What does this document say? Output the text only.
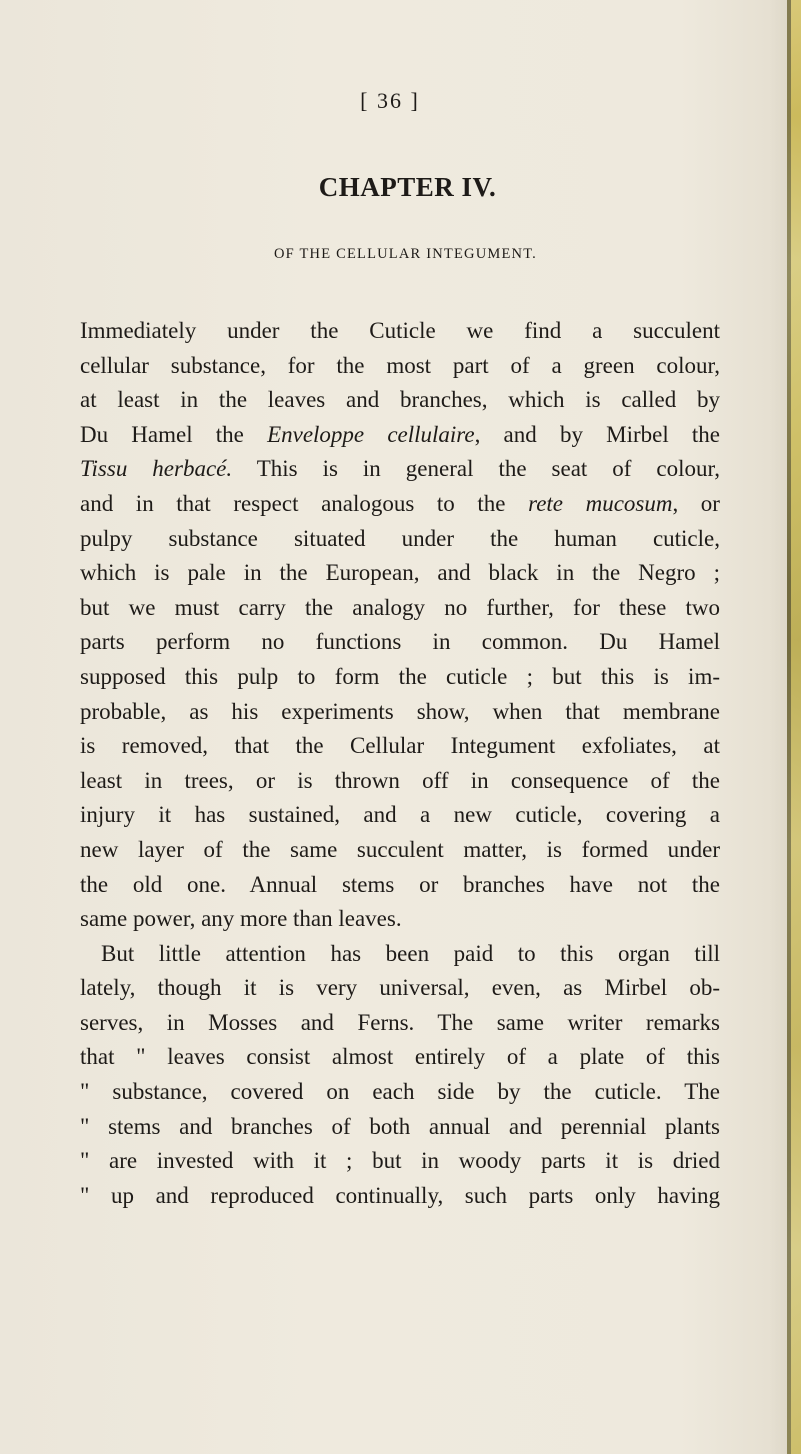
[ 36 ]
CHAPTER IV.
OF THE CELLULAR INTEGUMENT.
Immediately under the Cuticle we find a succulent
cellular substance, for the most part of a green colour,
at least in the leaves and branches, which is called by
Du Hamel the Enveloppe cellulaire, and by Mirbel the
Tissu herbacé. This is in general the seat of colour,
and in that respect analogous to the rete mucosum, or
pulpy substance situated under the human cuticle,
which is pale in the European, and black in the Negro ;
but we must carry the analogy no further, for these two
parts perform no functions in common. Du Hamel
supposed this pulp to form the cuticle ; but this is im-
probable, as his experiments show, when that membrane
is removed, that the Cellular Integument exfoliates, at
least in trees, or is thrown off in consequence of the
injury it has sustained, and a new cuticle, covering a
new layer of the same succulent matter, is formed under
the old one. Annual stems or branches have not the
same power, any more than leaves.
But little attention has been paid to this organ till
lately, though it is very universal, even, as Mirbel ob-
serves, in Mosses and Ferns. The same writer remarks
that " leaves consist almost entirely of a plate of this
" substance, covered on each side by the cuticle. The
" stems and branches of both annual and perennial plants
" are invested with it ; but in woody parts it is dried
" up and reproduced continually, such parts only having
